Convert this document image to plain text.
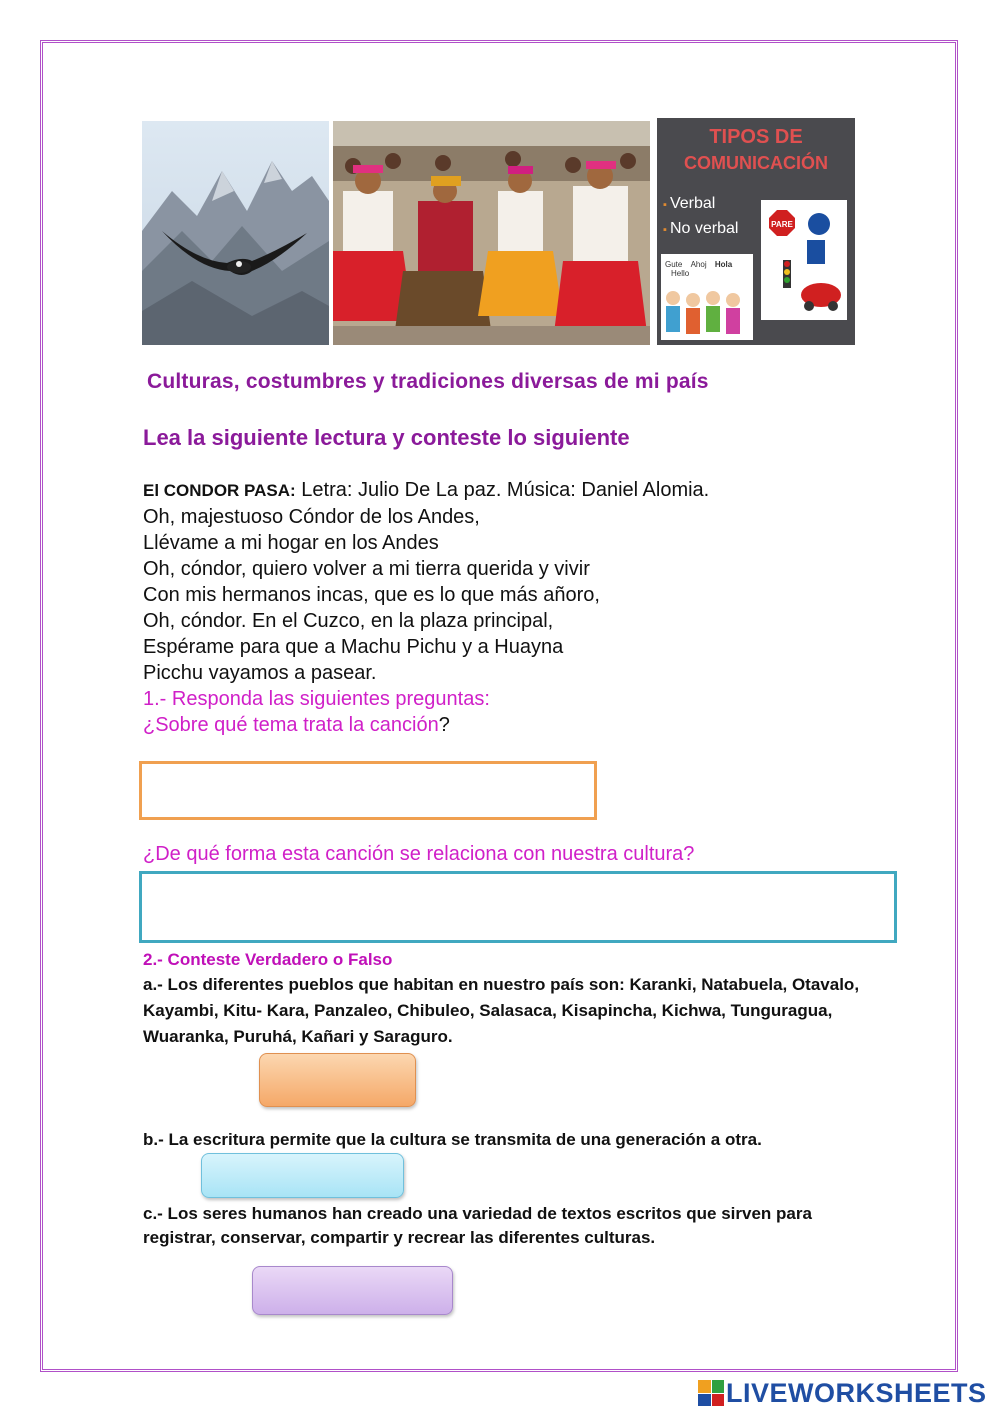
TIPOS DE
COMUNICACIÓN
▪ Verbal
▪ No verbal	PARE
Gute Ahoj Hola Hello
Culturas, costumbres y tradiciones diversas de mi país
Lea la siguiente lectura y conteste lo siguiente
El CONDOR PASA: Letra: Julio De La paz. Música: Daniel Alomia.
Oh, majestuoso Cóndor de los Andes,
Llévame a mi hogar en los Andes
Oh, cóndor, quiero volver a mi tierra querida y vivir
Con mis hermanos incas, que es lo que más añoro,
Oh, cóndor. En el Cuzco, en la plaza principal,
Espérame para que a Machu Pichu y a Huayna
Picchu vayamos a pasear.
1.- Responda las siguientes preguntas:
¿Sobre qué tema trata la canción?
¿De qué forma esta canción se relaciona con nuestra cultura?
2.- Conteste Verdadero o Falso
a.- Los diferentes pueblos que habitan en nuestro país son: Karanki, Natabuela, Otavalo, Kayambi, Kitu- Kara, Panzaleo, Chibuleo, Salasaca, Kisapincha, Kichwa, Tunguragua, Wuaranka, Puruhá, Kañari y Saraguro.
b.- La escritura permite que la cultura se transmita de una generación a otra.
c.- Los seres humanos han creado una variedad de textos escritos que sirven para registrar, conservar, compartir y recrear las diferentes culturas.
LIVEWORKSHEETS
